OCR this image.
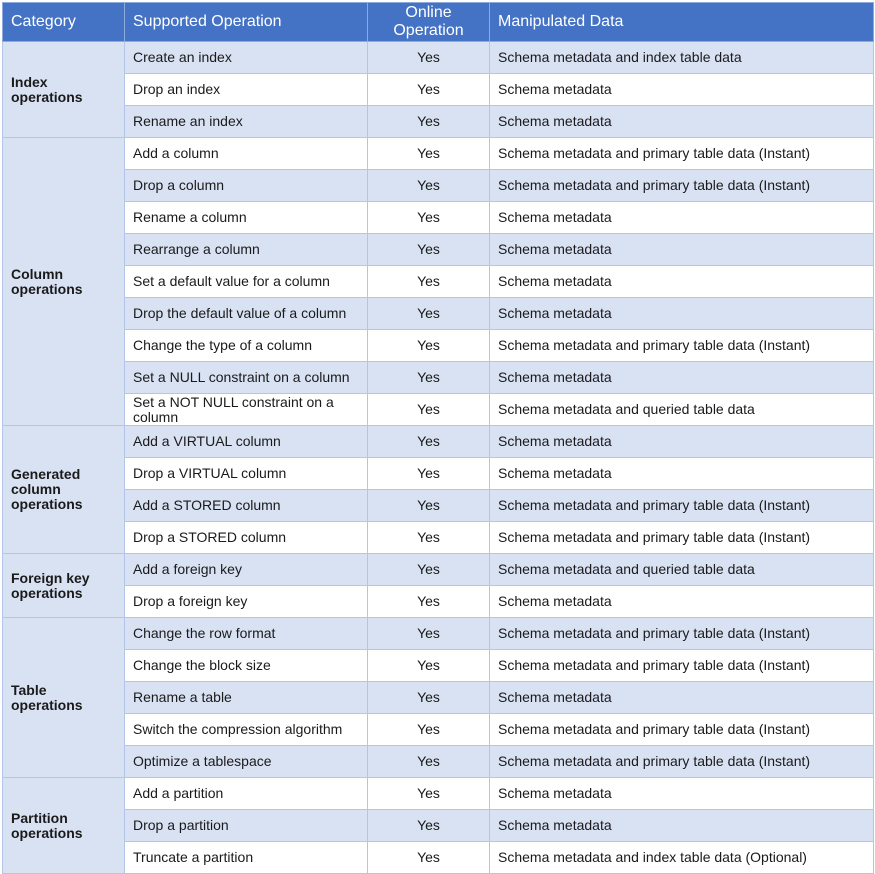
Category	Supported Operation	Online Operation	Manipulated Data
Index operations	Create an index	Yes	Schema metadata and index table data
	Drop an index	Yes	Schema metadata
	Rename an index	Yes	Schema metadata
Column operations	Add a column	Yes	Schema metadata and primary table data (Instant)
	Drop a column	Yes	Schema metadata and primary table data (Instant)
	Rename a column	Yes	Schema metadata
	Rearrange a column	Yes	Schema metadata
	Set a default value for a column	Yes	Schema metadata
	Drop the default value of a column	Yes	Schema metadata
	Change the type of a column	Yes	Schema metadata and primary table data (Instant)
	Set a NULL constraint on a column	Yes	Schema metadata
	Set a NOT NULL constraint on a column	Yes	Schema metadata and queried table data
Generated column operations	Add a VIRTUAL column	Yes	Schema metadata
	Drop a VIRTUAL column	Yes	Schema metadata
	Add a STORED column	Yes	Schema metadata and primary table data (Instant)
	Drop a STORED column	Yes	Schema metadata and primary table data (Instant)
Foreign key operations	Add a foreign key	Yes	Schema metadata and queried table data
	Drop a foreign key	Yes	Schema metadata
Table operations	Change the row format	Yes	Schema metadata and primary table data (Instant)
	Change the block size	Yes	Schema metadata and primary table data (Instant)
	Rename a table	Yes	Schema metadata
	Switch the compression algorithm	Yes	Schema metadata and primary table data (Instant)
	Optimize a tablespace	Yes	Schema metadata and primary table data (Instant)
Partition operations	Add a partition	Yes	Schema metadata
	Drop a partition	Yes	Schema metadata
	Truncate a partition	Yes	Schema metadata and index table data (Optional)
